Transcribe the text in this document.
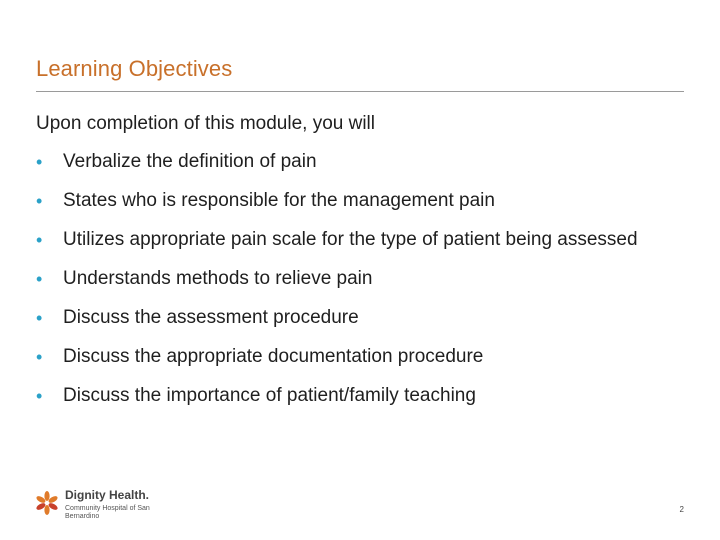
Learning Objectives
Upon completion of this module, you will
• Verbalize the definition of pain
• States who is responsible for the management pain
• Utilizes appropriate pain scale for the type of patient being assessed
• Understands methods to relieve pain
• Discuss the assessment procedure
• Discuss the appropriate documentation procedure
• Discuss the importance of patient/family teaching
Dignity Health.
Community Hospital of San Bernardino
2
